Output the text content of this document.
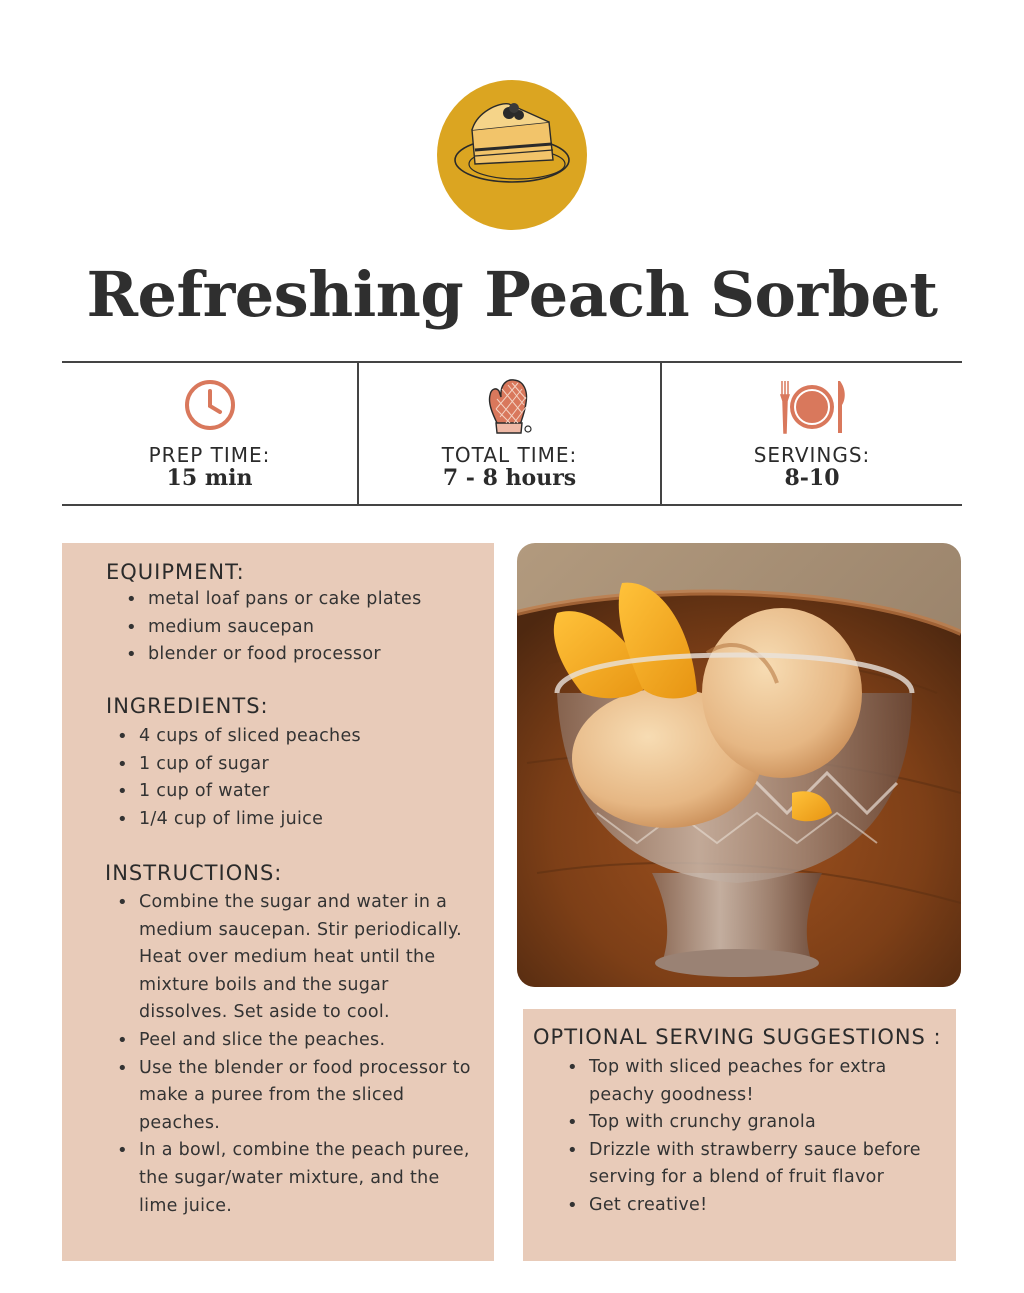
Refreshing Peach Sorbet
PREP TIME:
15 min
TOTAL TIME:
7 - 8 hours
SERVINGS:
8-10
EQUIPMENT:
• metal loaf pans or cake plates
• medium saucepan
• blender or food processor
INGREDIENTS:
• 4 cups of sliced peaches
• 1 cup of sugar
• 1 cup of water
• 1/4 cup of lime juice
INSTRUCTIONS:
• Combine the sugar and water in a medium saucepan. Stir periodically. Heat over medium heat until the mixture boils and the sugar dissolves. Set aside to cool.
• Peel and slice the peaches.
• Use the blender or food processor to make a puree from the sliced peaches.
• In a bowl, combine the peach puree, the sugar/water mixture, and the lime juice.
OPTIONAL SERVING SUGGESTIONS :
• Top with sliced peaches for extra peachy goodness!
• Top with crunchy granola
• Drizzle with strawberry sauce before serving for a blend of fruit flavor
• Get creative!
